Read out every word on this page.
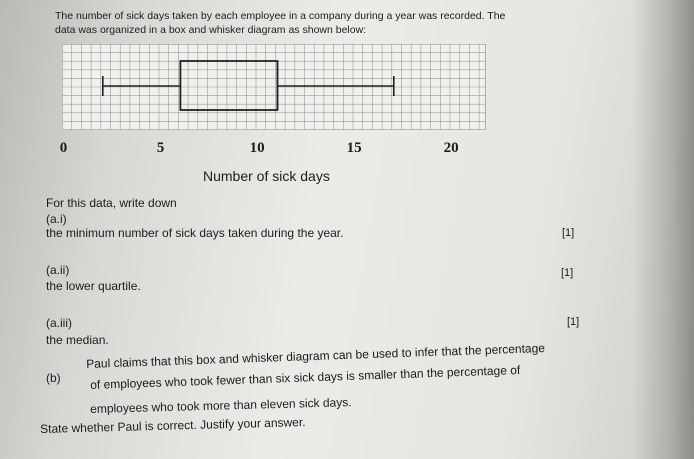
The number of sick days taken by each employee in a company during a year was recorded. The
data was organized in a box and whisker diagram as shown below:
0	5	10	15	20
Number of sick days
For this data, write down
(a.i)
the minimum number of sick days taken during the year.	[1]
(a.ii)
the lower quartile.
[1]
(a.iii)
the median.
[1]
(b)
Paul claims that this box and whisker diagram can be used to infer that the percentage
of employees who took fewer than six sick days is smaller than the percentage of
employees who took more than eleven sick days.
State whether Paul is correct. Justify your answer.
